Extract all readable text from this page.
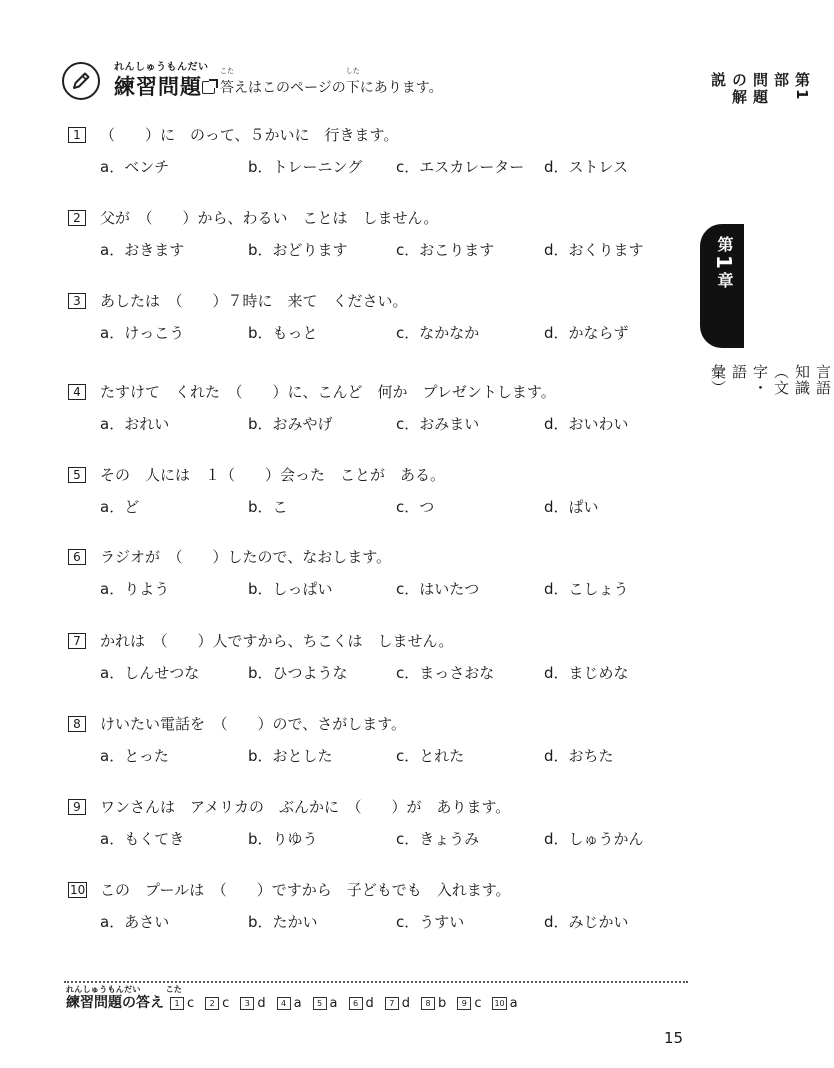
れんしゅうもんだい
練習問題
こた
答えはこのページの
した
下にあります。	第1部　問題の解説
第1章
言語知識（文字・語彙）
1	（　　）に　のって、５かいに　行きます。
a．ベンチ	b．トレーニング c．エスカレーター d．ストレス
2	父が　（　　）から、わるい　ことは　しません。
a．おきます	b．おどります	c．おこります	d．おくります
3	あしたは　（　　）７時に　来て　ください。
a．けっこう	b．もっと	c．なかなか	d．かならず
4	たすけて　くれた　（　　）に、こんど　何か　プレゼントします。
a．おれい	b．おみやげ	c．おみまい	d．おいわい
5	その　人には　１（　　）会った　ことが　ある。
a．ど	b．こ	c．つ	d．ぱい
6	ラジオが　（　　）したので、なおします。
a．りよう	b．しっぱい	c．はいたつ	d．こしょう
7	かれは　（　　）人ですから、ちこくは　しません。
a．しんせつな	b．ひつような	c．まっさおな	d．まじめな
8	けいたい電話を　（　　）ので、さがします。
a．とった	b．おとした	c．とれた	d．おちた
9	ワンさんは　アメリカの　ぶんかに　（　　）が　あります。
a．もくてき	b．りゆう	c．きょうみ	d．しゅうかん
10 この　プールは　（　　）ですから　子どもでも　入れます。
a．あさい	b．たかい	c．うすい	d．みじかい
れんしゅうもんだい　　　こた
練習問題の答え	1 c	2 c	3 d	4 a	5 a	6 d	7 d	8 b	9 c 10 a
15
